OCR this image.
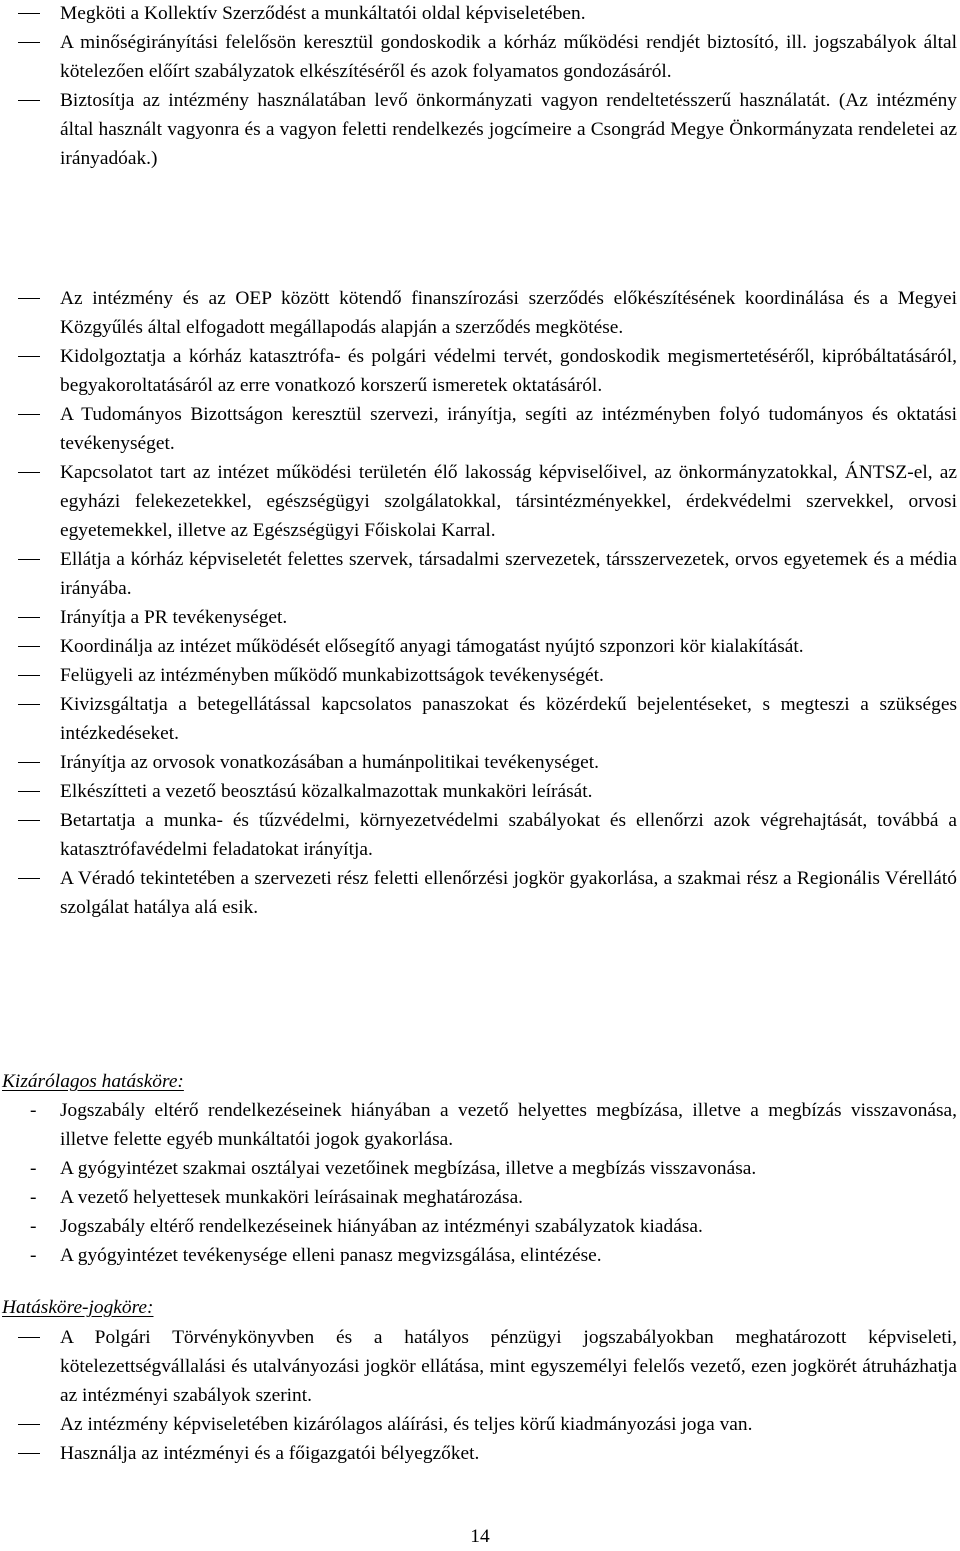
Megköti a Kollektív Szerződést a munkáltatói oldal képviseletében.
A minőségirányítási felelősön keresztül gondoskodik a kórház működési rendjét biztosító, ill. jogszabályok által kötelezően előírt szabályzatok elkészítéséről és azok folyamatos gondozásáról.
Biztosítja az intézmény használatában levő önkormányzati vagyon rendeltetésszerű használatát. (Az intézmény által használt vagyonra és a vagyon feletti rendelkezés jogcímeire a Csongrád Megye Önkormányzata rendeletei az irányadóak.)
Az intézmény és az OEP között kötendő finanszírozási szerződés előkészítésének koordinálása és a Megyei Közgyűlés által elfogadott megállapodás alapján a szerződés megkötése.
Kidolgoztatja a kórház katasztrófa- és polgári védelmi tervét, gondoskodik megismertetéséről, kipróbáltatásáról, begyakoroltatásáról az erre vonatkozó korszerű ismeretek oktatásáról.
A Tudományos Bizottságon keresztül szervezi, irányítja, segíti az intézményben folyó tudományos és oktatási tevékenységet.
Kapcsolatot tart az intézet működési területén élő lakosság képviselőivel, az önkormányzatokkal, ÁNTSZ-el, az egyházi felekezetekkel, egészségügyi szolgálatokkal, társintézményekkel, érdekvédelmi szervekkel, orvosi egyetemekkel, illetve az Egészségügyi Főiskolai Karral.
Ellátja a kórház képviseletét felettes szervek, társadalmi szervezetek, társszervezetek, orvos egyetemek és a média irányába.
Irányítja a PR tevékenységet.
Koordinálja az intézet működését elősegítő anyagi támogatást nyújtó szponzori kör kialakítását.
Felügyeli az intézményben működő munkabizottságok tevékenységét.
Kivizsgáltatja a betegellátással kapcsolatos panaszokat és közérdekű bejelentéseket, s megteszi a szükséges intézkedéseket.
Irányítja az orvosok vonatkozásában a humánpolitikai tevékenységet.
Elkészítteti a vezető beosztású közalkalmazottak munkaköri leírását.
Betartatja a munka- és tűzvédelmi, környezetvédelmi szabályokat és ellenőrzi azok végrehajtását, továbbá a katasztrófavédelmi feladatokat irányítja.
A Véradó tekintetében a szervezeti rész feletti ellenőrzési jogkör gyakorlása, a szakmai rész a Regionális Vérellátó szolgálat hatálya alá esik.
Kizárólagos hatásköre:
- Jogszabály eltérő rendelkezéseinek hiányában a vezető helyettes megbízása, illetve a megbízás visszavonása, illetve felette egyéb munkáltatói jogok gyakorlása.
- A gyógyintézet szakmai osztályai vezetőinek megbízása, illetve a megbízás visszavonása.
- A vezető helyettesek munkaköri leírásainak meghatározása.
- Jogszabály eltérő rendelkezéseinek hiányában az intézményi szabályzatok kiadása.
- A gyógyintézet tevékenysége elleni panasz megvizsgálása, elintézése.
Hatásköre-jogköre:
A Polgári Törvénykönyvben és a hatályos pénzügyi jogszabályokban meghatározott képviseleti, kötelezettségvállalási és utalványozási jogkör ellátása, mint egyszemélyi felelős vezető, ezen jogkörét átruházhatja az intézményi szabályok szerint.
Az intézmény képviseletében kizárólagos aláírási, és teljes körű kiadmányozási joga van.
Használja az intézményi és a főigazgatói bélyegzőket.
14
